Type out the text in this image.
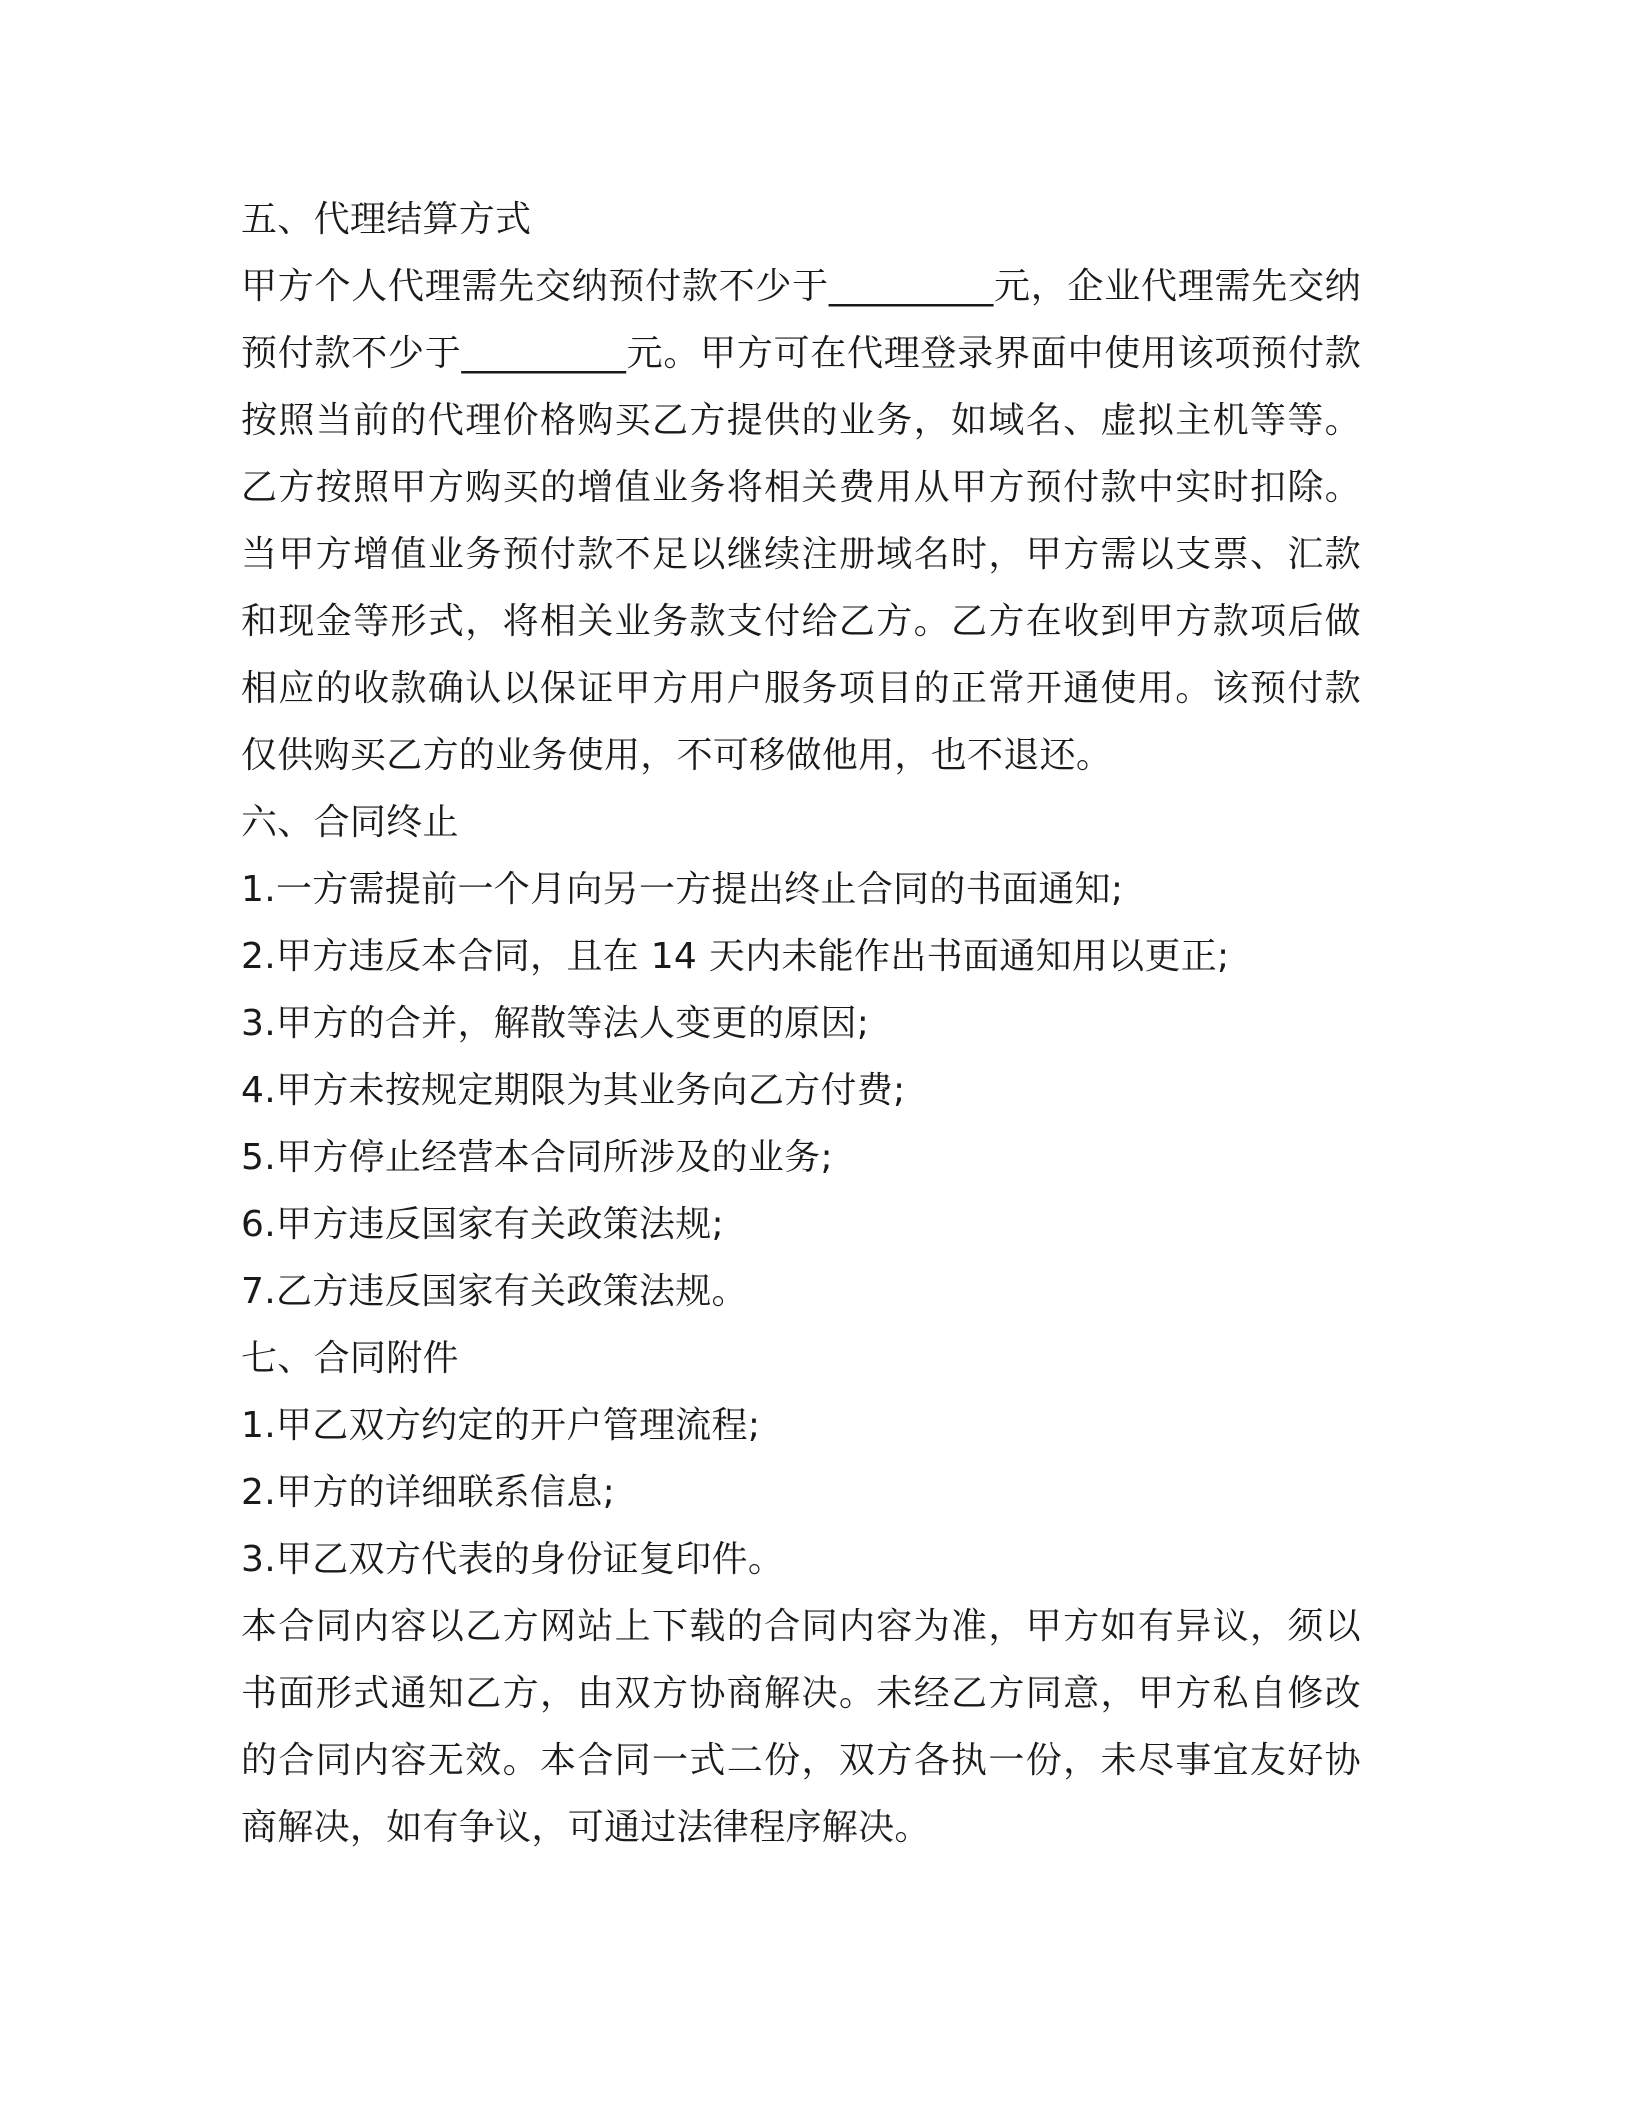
五、代理结算方式
甲方个人代理需先交纳预付款不少于_________元，企业代理需先交纳预付款不少于_________元。甲方可在代理登录界面中使用该项预付款按照当前的代理价格购买乙方提供的业务，如域名、虚拟主机等等。乙方按照甲方购买的增值业务将相关费用从甲方预付款中实时扣除。当甲方增值业务预付款不足以继续注册域名时，甲方需以支票、汇款和现金等形式，将相关业务款支付给乙方。乙方在收到甲方款项后做相应的收款确认以保证甲方用户服务项目的正常开通使用。该预付款仅供购买乙方的业务使用，不可移做他用，也不退还。
六、合同终止
1.一方需提前一个月向另一方提出终止合同的书面通知;
2.甲方违反本合同，且在 14 天内未能作出书面通知用以更正;
3.甲方的合并，解散等法人变更的原因;
4.甲方未按规定期限为其业务向乙方付费;
5.甲方停止经营本合同所涉及的业务;
6.甲方违反国家有关政策法规;
7.乙方违反国家有关政策法规。
七、合同附件
1.甲乙双方约定的开户管理流程;
2.甲方的详细联系信息;
3.甲乙双方代表的身份证复印件。
本合同内容以乙方网站上下载的合同内容为准，甲方如有异议，须以书面形式通知乙方，由双方协商解决。未经乙方同意，甲方私自修改的合同内容无效。本合同一式二份，双方各执一份，未尽事宜友好协商解决，如有争议，可通过法律程序解决。
